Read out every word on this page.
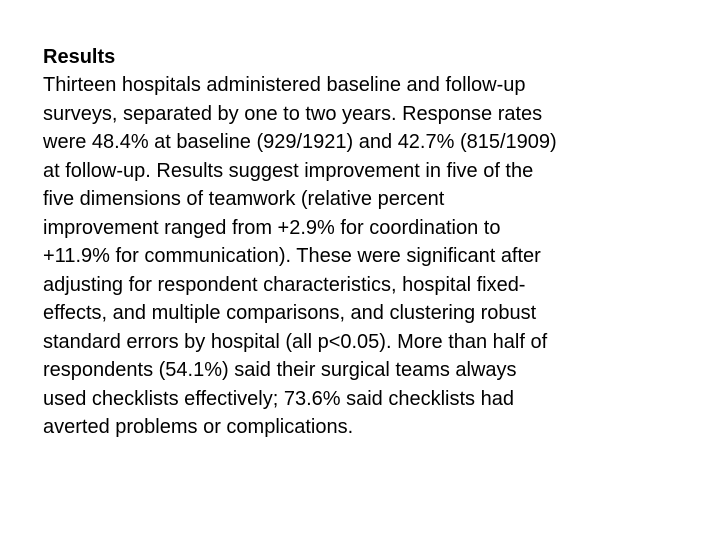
Results
Thirteen hospitals administered baseline and follow-up
surveys, separated by one to two years. Response rates
were 48.4% at baseline (929/1921) and 42.7% (815/1909)
at follow-up. Results suggest improvement in five of the
five dimensions of teamwork (relative percent
improvement ranged from +2.9% for coordination to
+11.9% for communication). These were significant after
adjusting for respondent characteristics, hospital fixed-
effects, and multiple comparisons, and clustering robust
standard errors by hospital (all p<0.05). More than half of
respondents (54.1%) said their surgical teams always
used checklists effectively; 73.6% said checklists had
averted problems or complications.
